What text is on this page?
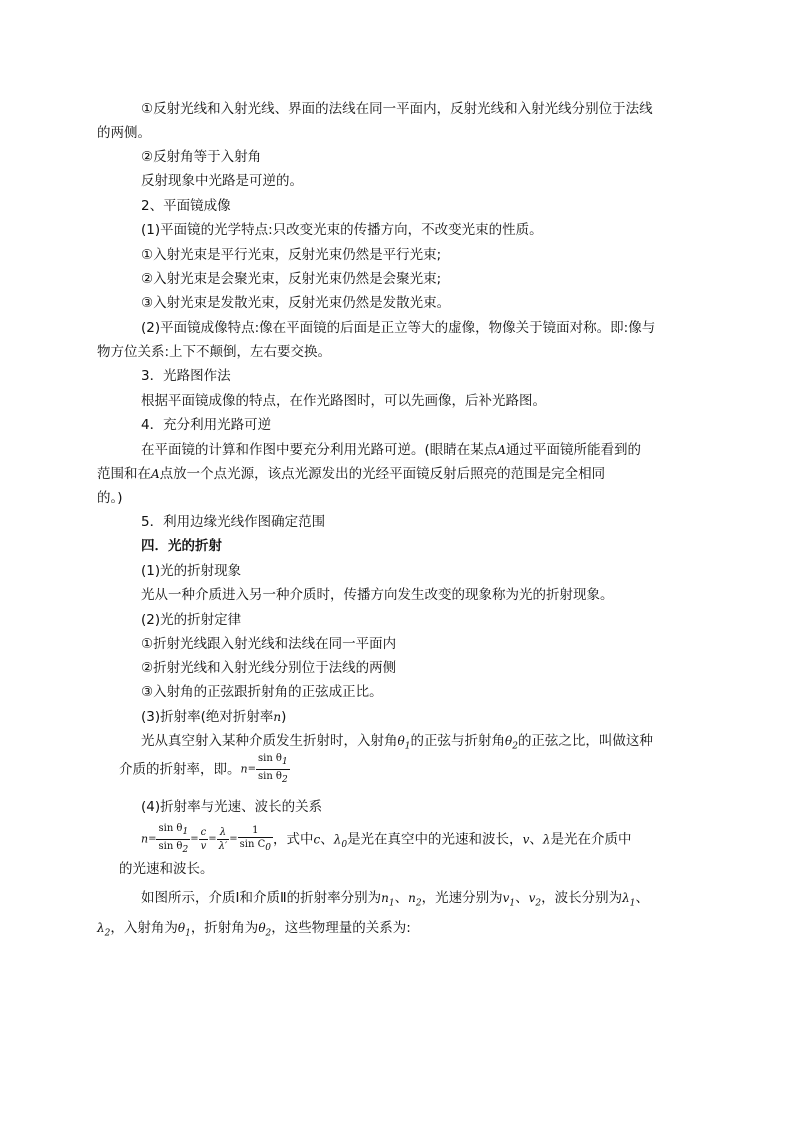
①反射光线和入射光线、界面的法线在同一平面内，反射光线和入射光线分别位于法线
的两侧。

②反射角等于入射角

反射现象中光路是可逆的。

2、平面镜成像

(1)平面镜的光学特点:只改变光束的传播方向，不改变光束的性质。

①入射光束是平行光束，反射光束仍然是平行光束;

②入射光束是会聚光束，反射光束仍然是会聚光束;

③入射光束是发散光束，反射光束仍然是发散光束。

(2)平面镜成像特点:像在平面镜的后面是正立等大的虚像，物像关于镜面对称。即:像与
物方位关系:上下不颠倒，左右要交换。

3．光路图作法

根据平面镜成像的特点，在作光路图时，可以先画像，后补光路图。

4．充分利用光路可逆

在平面镜的计算和作图中要充分利用光路可逆。(眼睛在某点A通过平面镜所能看到的
范围和在A点放一个点光源，该点光源发出的光经平面镜反射后照亮的范围是完全相同
的。)

5．利用边缘光线作图确定范围

四．光的折射

(1)光的折射现象

光从一种介质进入另一种介质时，传播方向发生改变的现象称为光的折射现象。

(2)光的折射定律

①折射光线跟入射光线和法线在同一平面内

②折射光线和入射光线分别位于法线的两侧

③入射角的正弦跟折射角的正弦成正比。

(3)折射率(绝对折射率n)

光从真空射入某种介质发生折射时，入射角$\theta_1$的正弦与折射角$\theta_2$的正弦之比，叫做这种

介质的折射率，即。$n= \frac{\text{sin θ1}}{\text{sin θ2}}$

(4)折射率与光速、波长的关系

$n= \frac{\text{sin θ1}}{\text{sin θ2}} = \frac{c}{v} = \frac{\lambda}{\lambda'} = \frac{1}{\text{sin C0}}$ ，式中c、$\lambda_0$是光在真空中的光速和波长，v、λ是光在介质中

的光速和波长。

如图所示，介质Ⅰ和介质Ⅱ的折射率分别为$n_1$、$n_2$，光速分别为$v_1$、$v_2$，波长分别为$\lambda_1$、
$\lambda_2$，入射角为$\theta_1$，折射角为$\theta_2$，这些物理量的关系为:
